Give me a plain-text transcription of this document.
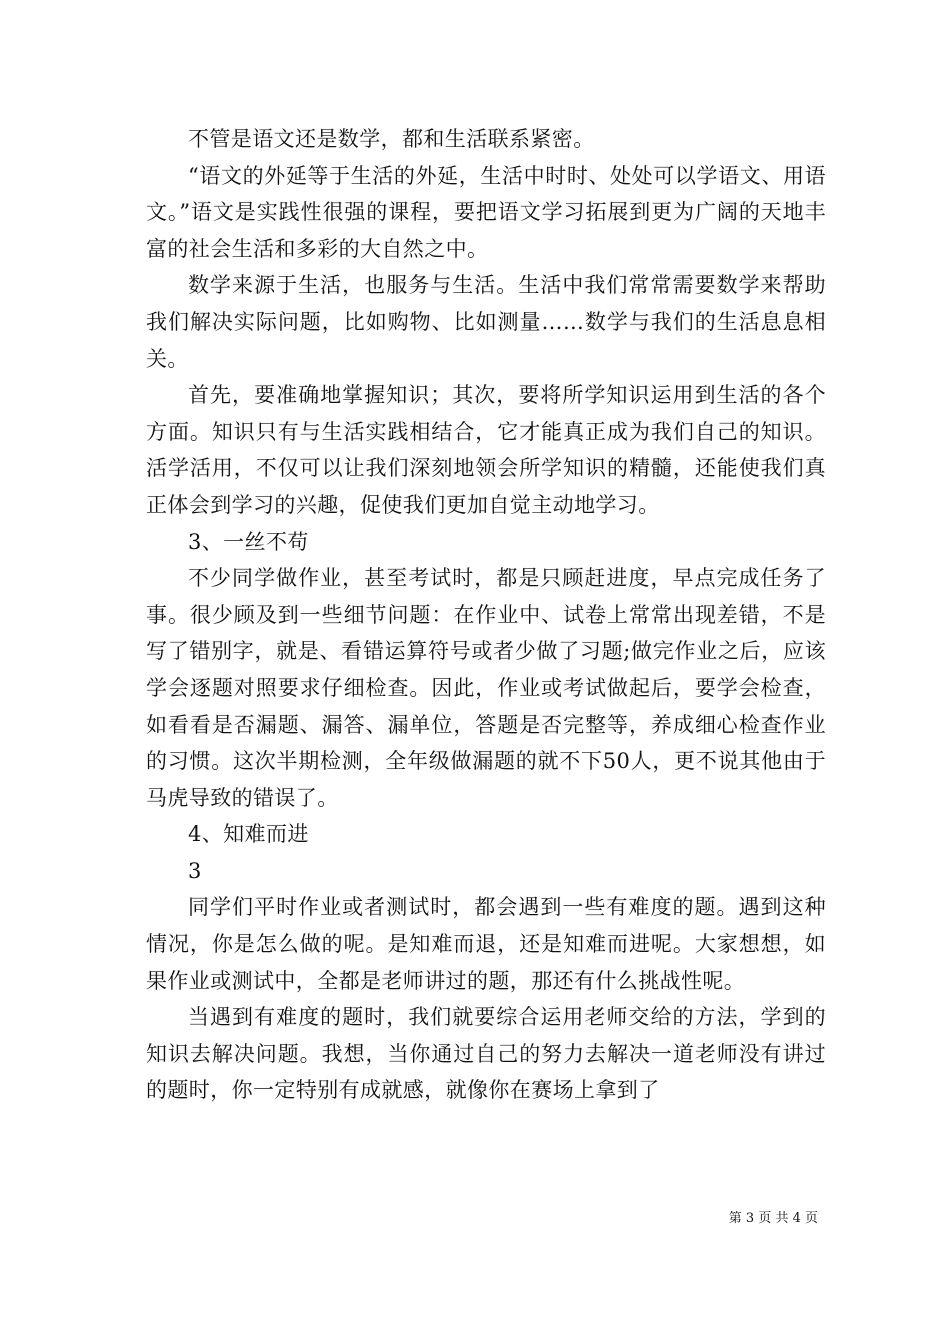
不管是语文还是数学，都和生活联系紧密。

“语文的外延等于生活的外延，生活中时时、处处可以学语文、用语文。”语文是实践性很强的课程，要把语文学习拓展到更为广阔的天地丰富的社会生活和多彩的大自然之中。

数学来源于生活，也服务与生活。生活中我们常常需要数学来帮助我们解决实际问题，比如购物、比如测量……数学与我们的生活息息相关。

首先，要准确地掌握知识；其次，要将所学知识运用到生活的各个方面。知识只有与生活实践相结合，它才能真正成为我们自己的知识。活学活用，不仅可以让我们深刻地领会所学知识的精髓，还能使我们真正体会到学习的兴趣，促使我们更加自觉主动地学习。

3、一丝不苟

不少同学做作业，甚至考试时，都是只顾赶进度，早点完成任务了事。很少顾及到一些细节问题：在作业中、试卷上常常出现差错，不是写了错别字，就是、看错运算符号或者少做了习题;做完作业之后，应该学会逐题对照要求仔细检查。因此，作业或考试做起后，要学会检查，如看看是否漏题、漏答、漏单位，答题是否完整等，养成细心检查作业的习惯。这次半期检测，全年级做漏题的就不下50人，更不说其他由于马虎导致的错误了。

4、知难而进

3

同学们平时作业或者测试时，都会遇到一些有难度的题。遇到这种情况，你是怎么做的呢。是知难而退，还是知难而进呢。大家想想，如果作业或测试中，全都是老师讲过的题，那还有什么挑战性呢。

当遇到有难度的题时，我们就要综合运用老师交给的方法，学到的知识去解决问题。我想，当你通过自己的努力去解决一道老师没有讲过的题时，你一定特别有成就感，就像你在赛场上拿到了

第 3 页 共 4 页
